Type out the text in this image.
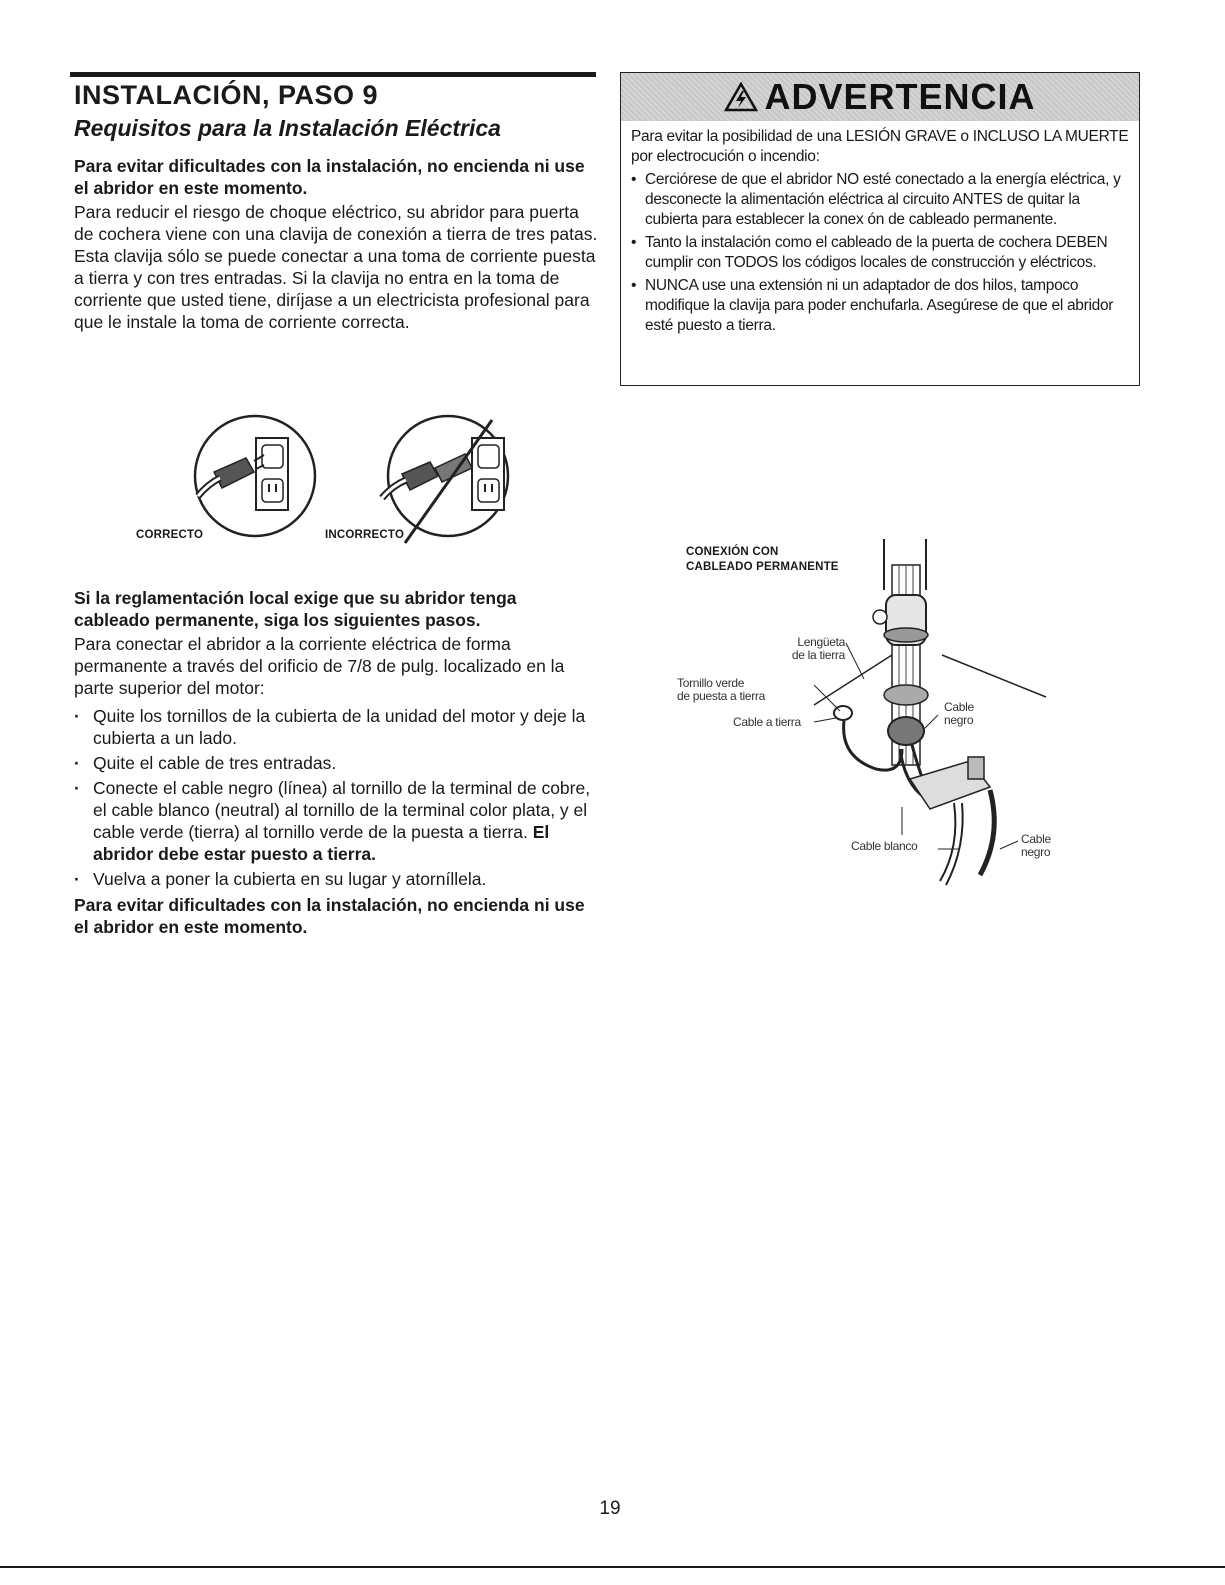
INSTALACIÓN, PASO 9
Requisitos para la Instalación Eléctrica

Para evitar dificultades con la instalación, no encienda ni use el abridor en este momento.

Para reducir el riesgo de choque eléctrico, su abridor para puerta de cochera viene con una clavija de conexión a tierra de tres patas. Esta clavija sólo se puede conectar a una toma de corriente puesta a tierra y con tres entradas. Si la clavija no entra en la toma de corriente que usted tiene, diríjase a un electricista profesional para que le instale la toma de corriente correcta.

ADVERTENCIA

Para evitar la posibilidad de una LESIÓN GRAVE o INCLUSO LA MUERTE por electrocución o incendio:

• Cerciórese de que el abridor NO esté conectado a la energía eléctrica, y desconecte la alimentación eléctrica al circuito ANTES de quitar la cubierta para establecer la conex ón de cableado permanente.
• Tanto la instalación como el cableado de la puerta de cochera DEBEN cumplir con TODOS los códigos locales de construcción y eléctricos.
• NUNCA use una extensión ni un adaptador de dos hilos, tampoco modifique la clavija para poder enchufarla. Asegúrese de que el abridor esté puesto a tierra.
CORRECTO	INCORRECTO

Si la reglamentación local exige que su abridor tenga cableado permanente, siga los siguientes pasos.

Para conectar el abridor a la corriente eléctrica de forma permanente a través del orificio de 7/8 de pulg. localizado en la parte superior del motor:

· Quite los tornillos de la cubierta de la unidad del motor y deje la cubierta a un lado.
· Quite el cable de tres entradas.
· Conecte el cable negro (línea) al tornillo de la terminal de cobre, el cable blanco (neutral) al tornillo de la terminal color plata, y el cable verde (tierra) al tornillo verde de la puesta a tierra. El abridor debe estar puesto a tierra.
· Vuelva a poner la cubierta en su lugar y atorníllela.

Para evitar dificultades con la instalación, no encienda ni use el abridor en este momento.

CONEXIÓN CON
CABLEADO PERMANENTE
Lengüeta
de la tierra
Tornillo verde
de puesta a tierra
Cable a tierra
Cable
negro
Cable blanco	Cable
negro

19
